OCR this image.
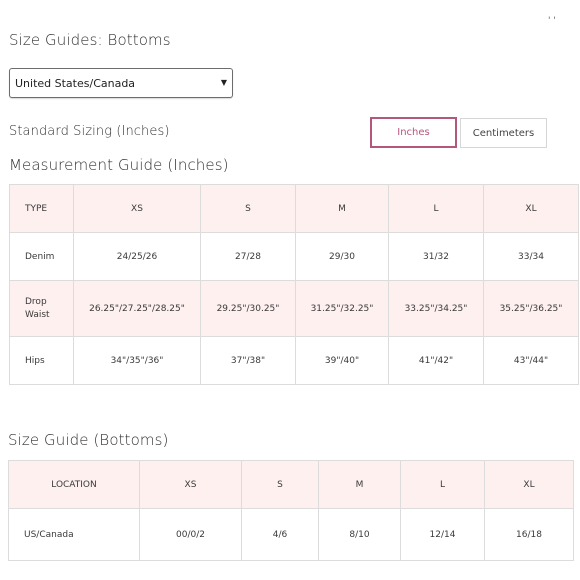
' '
Size Guides: Bottoms
United States/Canada	▼
Standard Sizing (Inches)	Inches	Centimeters
Measurement Guide (Inches)
TYPE	XS	S	M	L	XL
Denim	24/25/26	27/28	29/30	31/32	33/34
Drop Waist	26.25"/27.25"/28.25"	29.25"/30.25"	31.25"/32.25"	33.25"/34.25"	35.25"/36.25"
Hips	34"/35"/36"	37"/38"	39"/40"	41"/42"	43"/44"
Size Guide (Bottoms)
LOCATION	XS	S	M	L	XL
US/Canada	00/0/2	4/6	8/10	12/14	16/18
